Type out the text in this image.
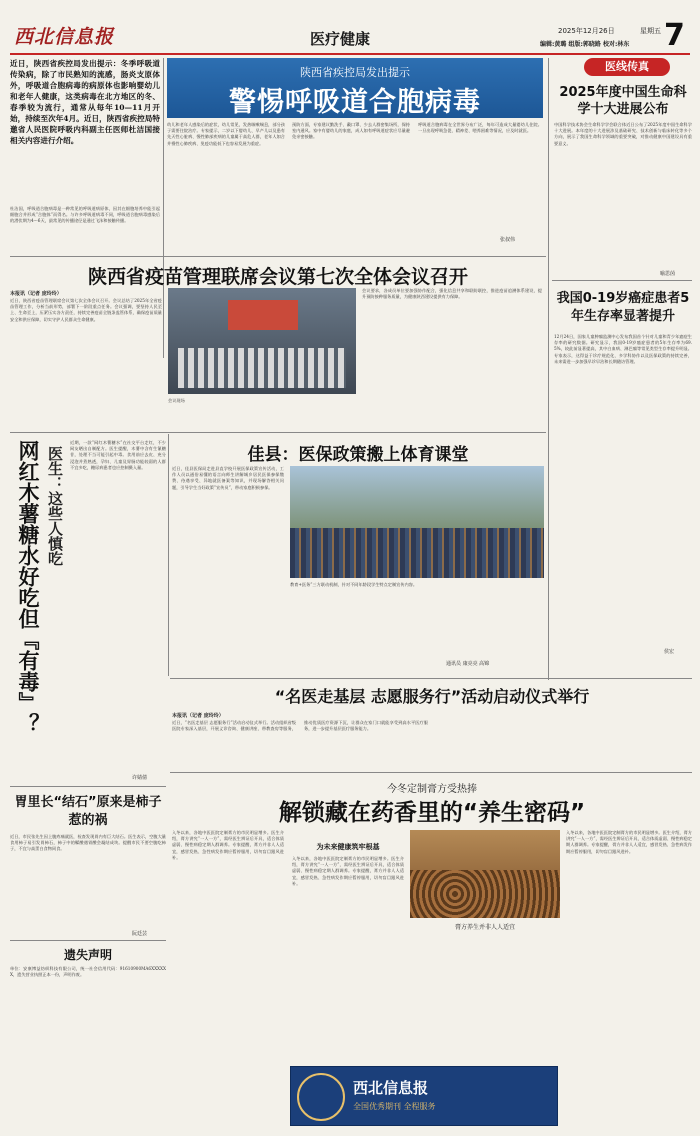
西北信息报	医疗健康	2025年12月26日	星期五 7
编辑:黄璐 组版:郭晓路 校对:林东
近日，陕西省疾控局发出提示：冬季呼吸道传染病，除了市民熟知的流感，肠炎支原体外，呼吸道合胞病毒的病原体也影响婴幼儿和老年人健康，这类病毒在北方地区的冬、春季较为流行，通常从每年10—11月开始，持续至次年4月。近日，陕西省疾控局特邀省人民医院呼吸内科副主任医师杜洁国接相关内容进行介绍。
杜洁国，呼吸道合胞病毒是一种常见的呼吸道病原体，因其在细胞培养中能引起细胞合并形成“合胞体”而得名。与许多呼吸道病毒不同，呼吸道合胞病毒感染后的潜伏期为4～6天，最常见的传播途径是通过飞沫和接触传播。
陕西省疾控局发出提示
警惕呼吸道合胞病毒
幼儿和老年人感染后的症状，幼儿常见，发热咳嗽喘息，部分孩子需要住院治疗。专家提示，二岁以下婴幼儿、早产儿以及患有先天性心脏病、慢性肺部疾病的儿童属于高危人群，老年人如合并慢性心肺疾病、免疫功能低下也容易发展为重症。
预防方面，专家建议勤洗手、戴口罩、少去人群密集场所，保持室内通风。家中有婴幼儿的家庭，成人如有呼吸道症状应尽量避免亲密接触。
呼吸道合胞病毒在全世界分布广泛，每年可造成大量婴幼儿住院。一旦出现呼吸急促、精神差、喂养困难等情况，应及时就医。
张叔伟
医线传真
2025年度中国生命科学十大进展公布
中国科学技术协会生命科学学会联合体近日公布了2025年度中国生命科学十大进展。本年度的十大进展涉及基础研究、技术创新与临床转化等多个方向，展示了我国生命科学领域的重要突破，对推动健康中国建设具有重要意义。
喻思茵
我国0-19岁癌症患者5年生存率显著提升
12月24日，国家儿童肿瘤监测中心发布我国首个针对儿童和青少年癌症生存率的研究数据。研究显示，我国0-19岁癌症患者的5年生存率为69.5%，较此前显著提高，其中白血病、淋巴瘤等常见类型生存率提升明显。专家表示，这得益于诊疗规范化、多学科协作以及医保政策的持续完善，未来需进一步加强早诊早治和长期随访管理。
侯宏
陕西省疫苗管理联席会议第七次全体会议召开
本报讯（记者 庞玲玲）
近日，陕西省疫苗管理联席会议第七次全体会议召开。会议总结了2025年全省疫苗管理工作，分析当前形势，部署下一阶段重点任务。会议强调，要坚持人民至上、生命至上，压紧压实各方责任，持续完善疫苗全链条监管体系，确保疫苗质量安全和供应保障，切实守护人民群众生命健康。
会议现场
会议要求，各成员单位要加强协作配合，强化信息共享和联防联控，推进疫苗追溯体系建设，提升预防接种服务质量，为健康陕西建设提供有力保障。
网红木薯糖水好吃但『有毒』？ 医生：这些人慎吃
近期，一款“网红木薯糖水”在社交平台走红，不少网友晒出自制配方。医生提醒，木薯中含有生氰糖苷，处理不当可能引起中毒。食用前应去皮、充分浸泡并煮熟透，孕妇、儿童及胃肠功能较弱的人群不宜多吃，糖尿病患者也应控制摄入量。
许婧倩
佳县：医保政策搬上体育课堂
近日，佳县医保局走进县直学校开展医保政策宣传活动，工作人员以通俗易懂的语言向师生讲解城乡居民医保参保缴费、待遇享受、异地就医备案等知识，并现场解答相关问题，引导学生当好政策“宣传员”，带动家庭积极参保。
教育+医务“三方联动机制，针对不同年龄段学生特点定制宣传内容。
通讯员 康亮亮 高锦
“名医走基层 志愿服务行”活动启动仪式举行
本报讯（记者 庞玲玲）
近日，“名医走基层 志愿服务行”活动启动仪式举行。活动组织省级医院专家深入基层，开展义诊咨询、健康讲座、带教查房等服务，推动优质医疗资源下沉，让群众在家门口就能享受到高水平医疗服务，进一步提升基层医疗服务能力。
今冬定制膏方受热捧
解锁藏在药香里的“养生密码”
入冬以来，各地中医医院定制膏方的市民明显增多。医生介绍，膏方讲究“一人一方”，需经医生辨证后开具，适合体质虚弱、慢性病稳定期人群调养。专家提醒，膏方并非人人适宜，感冒发热、急性病发作期应暂停服用，切勿盲目跟风进补。
为未来健康筑牢根基
入冬以来，各地中医医院定制膏方的市民明显增多。医生介绍，膏方讲究“一人一方”，需经医生辨证后开具，适合体质虚弱、慢性病稳定期人群调养。专家提醒，膏方并非人人适宜，感冒发热、急性病发作期应暂停服用，切勿盲目跟风进补。
膏方养生并非人人适宜
入冬以来，各地中医医院定制膏方的市民明显增多。医生介绍，膏方讲究“一人一方”，需经医生辨证后开具，适合体质虚弱、慢性病稳定期人群调养。专家提醒，膏方并非人人适宜，感冒发热、急性病发作期应暂停服用，切勿盲目跟风进补。
胃里长“结石”原来是柿子惹的祸
近日，市民张先生因上腹疼痛就医，检查发现胃内有巨大结石。医生表示，空腹大量食用柿子易引发胃柿石，柿子中的鞣酸遇胃酸会凝结成块。提醒市民不要空腹吃柿子，不宜与高蛋白食物同食。
阮廷芸
遗失声明
单位：安康博益纺织科技有限公司，统一社会信用代码：91610900MA6XXXXXX，遗失营业执照正本一份，声明作废。
西北信息报
全国优秀期刊 全程服务
